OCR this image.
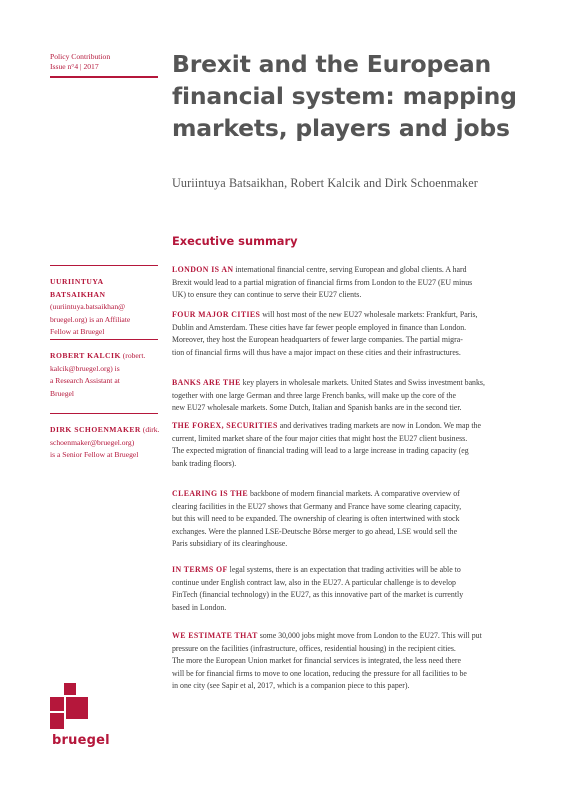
Policy Contribution
Issue n°4 | 2017	Brexit and the European
financial system: mapping
markets, players and jobs
Uuriintuya Batsaikhan, Robert Kalcik and Dirk Schoenmaker
Executive summary
UURIINTUYA BATSAIKHAN
(uuriintuya.batsaikhan@
bruegel.org) is an Affiliate
Fellow at Bruegel
ROBERT KALCIK (robert.
kalcik@bruegel.org) is
a Research Assistant at
Bruegel
DIRK SCHOENMAKER (dirk.
schoenmaker@bruegel.org)
is a Senior Fellow at Bruegel
LONDON IS AN international financial centre, serving European and global clients. A hard
Brexit would lead to a partial migration of financial firms from London to the EU27 (EU minus
UK) to ensure they can continue to serve their EU27 clients.
FOUR MAJOR CITIES will host most of the new EU27 wholesale markets: Frankfurt, Paris,
Dublin and Amsterdam. These cities have far fewer people employed in finance than London.
Moreover, they host the European headquarters of fewer large companies. The partial migra-
tion of financial firms will thus have a major impact on these cities and their infrastructures.
BANKS ARE THE key players in wholesale markets. United States and Swiss investment banks,
together with one large German and three large French banks, will make up the core of the
new EU27 wholesale markets. Some Dutch, Italian and Spanish banks are in the second tier.
THE FOREX, SECURITIES and derivatives trading markets are now in London. We map the
current, limited market share of the four major cities that might host the EU27 client business.
The expected migration of financial trading will lead to a large increase in trading capacity (eg
bank trading floors).
CLEARING IS THE backbone of modern financial markets. A comparative overview of
clearing facilities in the EU27 shows that Germany and France have some clearing capacity,
but this will need to be expanded. The ownership of clearing is often intertwined with stock
exchanges. Were the planned LSE-Deutsche Börse merger to go ahead, LSE would sell the
Paris subsidiary of its clearinghouse.
IN TERMS OF legal systems, there is an expectation that trading activities will be able to
continue under English contract law, also in the EU27. A particular challenge is to develop
FinTech (financial technology) in the EU27, as this innovative part of the market is currently
based in London.
WE ESTIMATE THAT some 30,000 jobs might move from London to the EU27. This will put
pressure on the facilities (infrastructure, offices, residential housing) in the recipient cities.
The more the European Union market for financial services is integrated, the less need there
will be for financial firms to move to one location, reducing the pressure for all facilities to be
in one city (see Sapir et al, 2017, which is a companion piece to this paper).
bruegel
